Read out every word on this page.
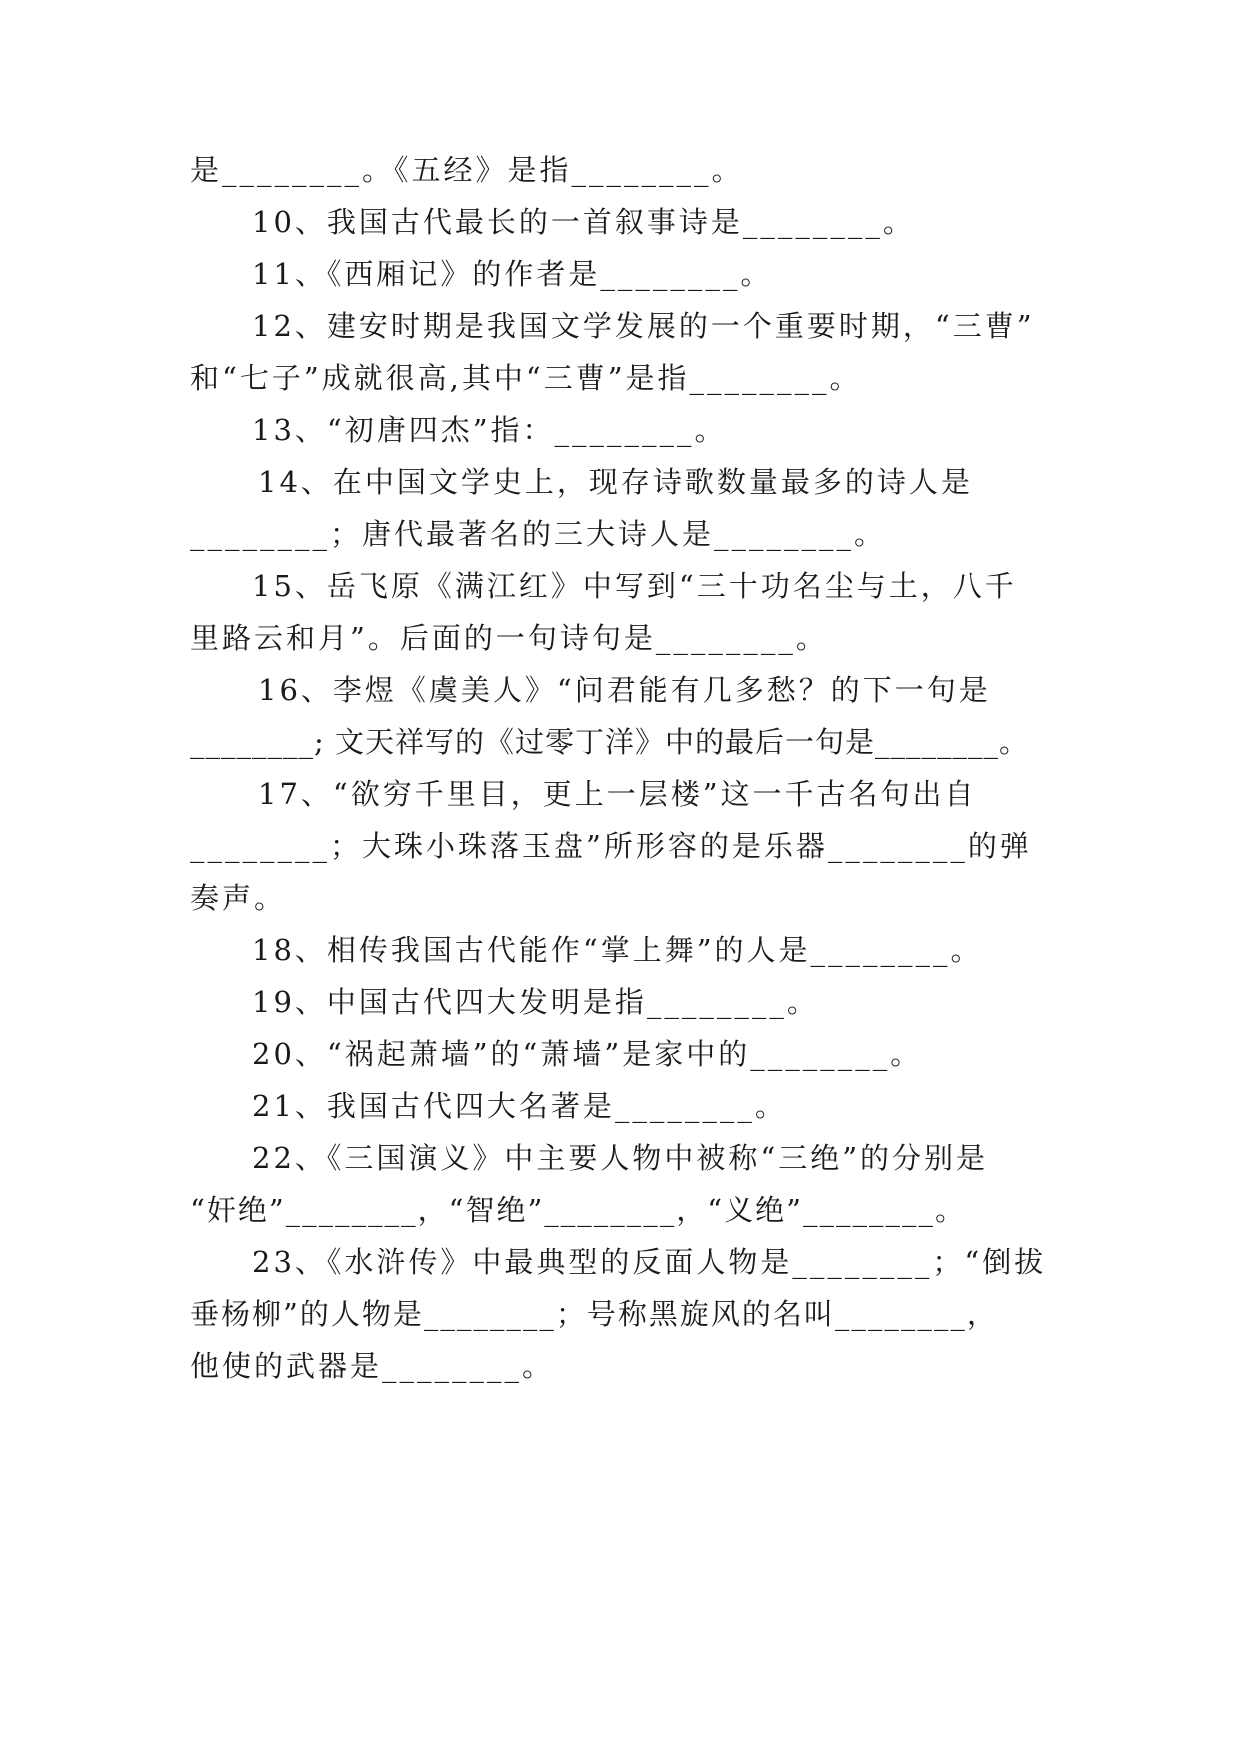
是________。《五经》是指________。
10、我国古代最长的一首叙事诗是________。
11、《西厢记》的作者是________。
12、建安时期是我国文学发展的一个重要时期，“三曹”
和“七子”成就很高,其中“三曹”是指________。
13、“初唐四杰”指：________。
14、在中国文学史上，现存诗歌数量最多的诗人是
________；唐代最著名的三大诗人是________。
15、岳飞原《满江红》中写到“三十功名尘与土，八千
里路云和月”。后面的一句诗句是________。
16、李煜《虞美人》“问君能有几多愁？的下一句是
________; 文天祥写的《过零丁洋》中的最后一句是________。
17、“欲穷千里目，更上一层楼”这一千古名句出自
________；大珠小珠落玉盘”所形容的是乐器________的弹
奏声。
18、相传我国古代能作“掌上舞”的人是________。
19、中国古代四大发明是指________。
20、“祸起萧墙”的“萧墙”是家中的________。
21、我国古代四大名著是________。
22、《三国演义》中主要人物中被称“三绝”的分别是
“奸绝”________，“智绝”________，“义绝”________。
23、《水浒传》中最典型的反面人物是________；“倒拔
垂杨柳”的人物是________；号称黑旋风的名叫________，
他使的武器是________。
